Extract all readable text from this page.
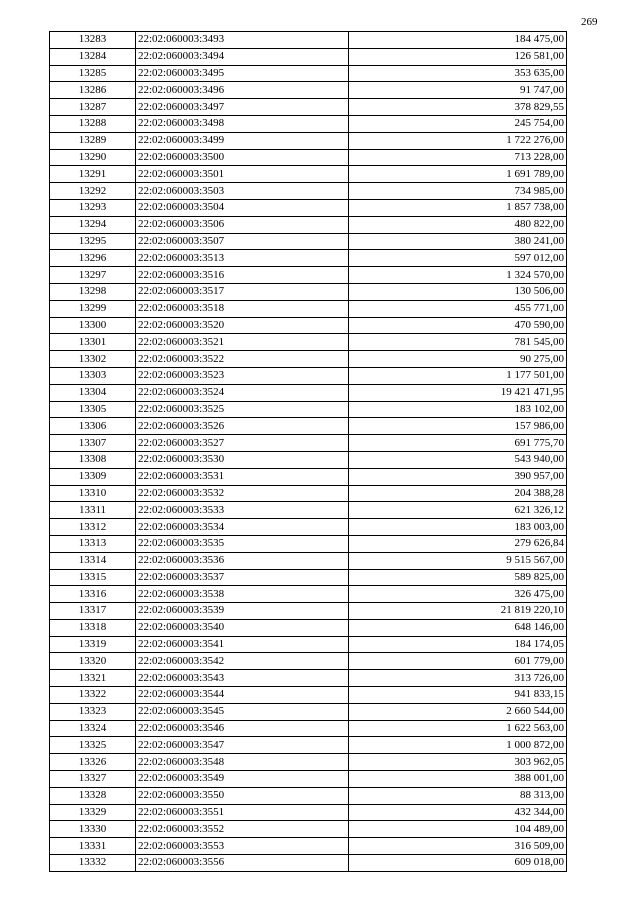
269
13283	22:02:060003:3493	184 475,00
13284	22:02:060003:3494	126 581,00
13285	22:02:060003:3495	353 635,00
13286	22:02:060003:3496	91 747,00
13287	22:02:060003:3497	378 829,55
13288	22:02:060003:3498	245 754,00
13289	22:02:060003:3499	1 722 276,00
13290	22:02:060003:3500	713 228,00
13291	22:02:060003:3501	1 691 789,00
13292	22:02:060003:3503	734 985,00
13293	22:02:060003:3504	1 857 738,00
13294	22:02:060003:3506	480 822,00
13295	22:02:060003:3507	380 241,00
13296	22:02:060003:3513	597 012,00
13297	22:02:060003:3516	1 324 570,00
13298	22:02:060003:3517	130 506,00
13299	22:02:060003:3518	455 771,00
13300	22:02:060003:3520	470 590,00
13301	22:02:060003:3521	781 545,00
13302	22:02:060003:3522	90 275,00
13303	22:02:060003:3523	1 177 501,00
13304	22:02:060003:3524	19 421 471,95
13305	22:02:060003:3525	183 102,00
13306	22:02:060003:3526	157 986,00
13307	22:02:060003:3527	691 775,70
13308	22:02:060003:3530	543 940,00
13309	22:02:060003:3531	390 957,00
13310	22:02:060003:3532	204 388,28
13311	22:02:060003:3533	621 326,12
13312	22:02:060003:3534	183 003,00
13313	22:02:060003:3535	279 626,84
13314	22:02:060003:3536	9 515 567,00
13315	22:02:060003:3537	589 825,00
13316	22:02:060003:3538	326 475,00
13317	22:02:060003:3539	21 819 220,10
13318	22:02:060003:3540	648 146,00
13319	22:02:060003:3541	184 174,05
13320	22:02:060003:3542	601 779,00
13321	22:02:060003:3543	313 726,00
13322	22:02:060003:3544	941 833,15
13323	22:02:060003:3545	2 660 544,00
13324	22:02:060003:3546	1 622 563,00
13325	22:02:060003:3547	1 000 872,00
13326	22:02:060003:3548	303 962,05
13327	22:02:060003:3549	388 001,00
13328	22:02:060003:3550	88 313,00
13329	22:02:060003:3551	432 344,00
13330	22:02:060003:3552	104 489,00
13331	22:02:060003:3553	316 509,00
13332	22:02:060003:3556	609 018,00
